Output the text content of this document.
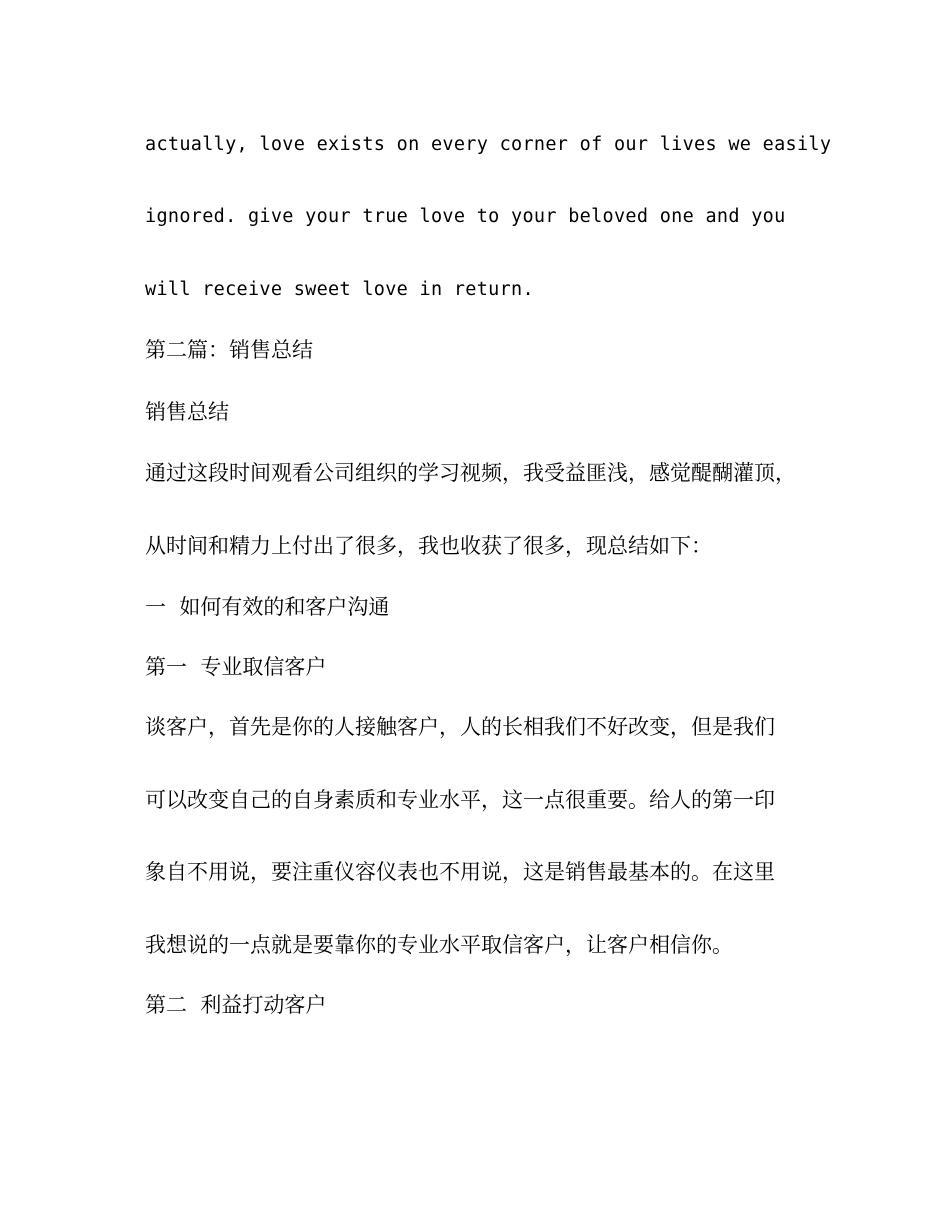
actually, love exists on every corner of our lives we easily
ignored. give your true love to your beloved one and you
will receive sweet love in return.
第二篇：销售总结
销售总结
通过这段时间观看公司组织的学习视频，我受益匪浅，感觉醍醐灌顶，
从时间和精力上付出了很多，我也收获了很多，现总结如下：
一  如何有效的和客户沟通
第一  专业取信客户
谈客户，首先是你的人接触客户，人的长相我们不好改变，但是我们
可以改变自己的自身素质和专业水平，这一点很重要。给人的第一印
象自不用说，要注重仪容仪表也不用说，这是销售最基本的。在这里
我想说的一点就是要靠你的专业水平取信客户，让客户相信你。
第二  利益打动客户
